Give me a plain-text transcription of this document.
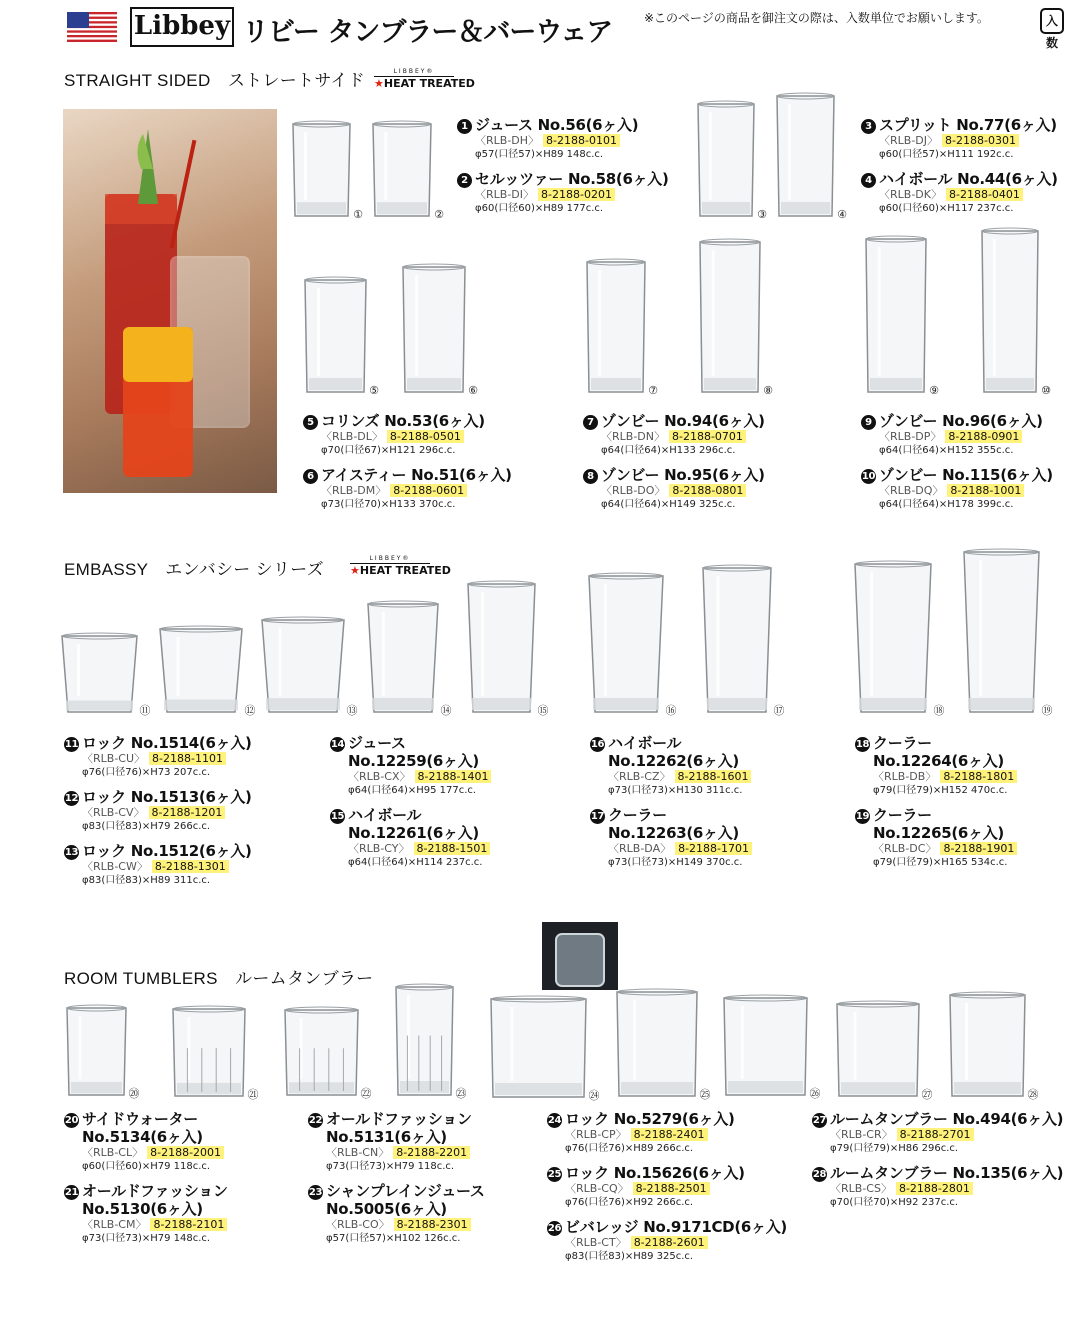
Libbey リビー タンブラー＆バーウェア	※このページの商品を御注文の際は、入数単位でお願いします。	入数
STRAIGHT SIDED　ストレートサイド	LIBBEY®
★HEAT TREATED
EMBASSY　エンバシー シリーズ
LIBBEY®
★HEAT TREATED
ROOM TUMBLERS　ルームタンブラー
①	②	③	④
⑤	⑥	⑦	⑧	⑨	⑩
⑪	⑫	⑬	⑭	⑮	⑯	⑰	⑱	⑲
⑳	㉑	㉒	㉓	㉔	㉕	㉖	㉗	㉘
1 ジュース No.56(6ヶ入)
〈RLB-DH〉 8-2188-0101
φ57(口径57)×H89 148c.c.
2 セルッツァー No.58(6ヶ入)
〈RLB-DI〉 8-2188-0201
φ60(口径60)×H89 177c.c.
3 スプリット No.77(6ヶ入)
〈RLB-DJ〉 8-2188-0301
φ60(口径57)×H111 192c.c.
4 ハイボール No.44(6ヶ入)
〈RLB-DK〉 8-2188-0401
φ60(口径60)×H117 237c.c.
5 コリンズ No.53(6ヶ入)
〈RLB-DL〉 8-2188-0501
φ70(口径67)×H121 296c.c.
6 アイスティー No.51(6ヶ入)
〈RLB-DM〉 8-2188-0601
φ73(口径70)×H133 370c.c.
7 ゾンビー No.94(6ヶ入)
〈RLB-DN〉 8-2188-0701
φ64(口径64)×H133 296c.c.
8 ゾンビー No.95(6ヶ入)
〈RLB-DO〉 8-2188-0801
φ64(口径64)×H149 325c.c.
9 ゾンビー No.96(6ヶ入)
〈RLB-DP〉 8-2188-0901
φ64(口径64)×H152 355c.c.
10 ゾンビー No.115(6ヶ入)
〈RLB-DQ〉 8-2188-1001
φ64(口径64)×H178 399c.c.
11 ロック No.1514(6ヶ入)
〈RLB-CU〉 8-2188-1101
φ76(口径76)×H73 207c.c.
12 ロック No.1513(6ヶ入)
〈RLB-CV〉 8-2188-1201
φ83(口径83)×H79 266c.c.
13 ロック No.1512(6ヶ入)
〈RLB-CW〉 8-2188-1301
φ83(口径83)×H89 311c.c.
14 ジュース
No.12259(6ヶ入)
〈RLB-CX〉 8-2188-1401
φ64(口径64)×H95 177c.c.
15 ハイボール
No.12261(6ヶ入)
〈RLB-CY〉 8-2188-1501
φ64(口径64)×H114 237c.c.
16 ハイボール
No.12262(6ヶ入)
〈RLB-CZ〉 8-2188-1601
φ73(口径73)×H130 311c.c.
17 クーラー
No.12263(6ヶ入)
〈RLB-DA〉 8-2188-1701
φ73(口径73)×H149 370c.c.
18 クーラー
No.12264(6ヶ入)
〈RLB-DB〉 8-2188-1801
φ79(口径79)×H152 470c.c.
19 クーラー
No.12265(6ヶ入)
〈RLB-DC〉 8-2188-1901
φ79(口径79)×H165 534c.c.
20 サイドウォーター
No.5134(6ヶ入)
〈RLB-CL〉 8-2188-2001
φ60(口径60)×H79 118c.c.
21 オールドファッション
No.5130(6ヶ入)
〈RLB-CM〉 8-2188-2101
φ73(口径73)×H79 148c.c.
22 オールドファッション
No.5131(6ヶ入)
〈RLB-CN〉 8-2188-2201
φ73(口径73)×H79 118c.c.
23 シャンプレインジュース
No.5005(6ヶ入)
〈RLB-CO〉 8-2188-2301
φ57(口径57)×H102 126c.c.
24 ロック No.5279(6ヶ入)
〈RLB-CP〉 8-2188-2401
φ76(口径76)×H89 266c.c.
25 ロック No.15626(6ヶ入)
〈RLB-CQ〉 8-2188-2501
φ76(口径76)×H92 266c.c.
26 ビバレッジ No.9171CD(6ヶ入)
〈RLB-CT〉 8-2188-2601
φ83(口径83)×H89 325c.c.
27 ルームタンブラー No.494(6ヶ入)
〈RLB-CR〉 8-2188-2701
φ79(口径79)×H86 296c.c.
28 ルームタンブラー No.135(6ヶ入)
〈RLB-CS〉 8-2188-2801
φ70(口径70)×H92 237c.c.
